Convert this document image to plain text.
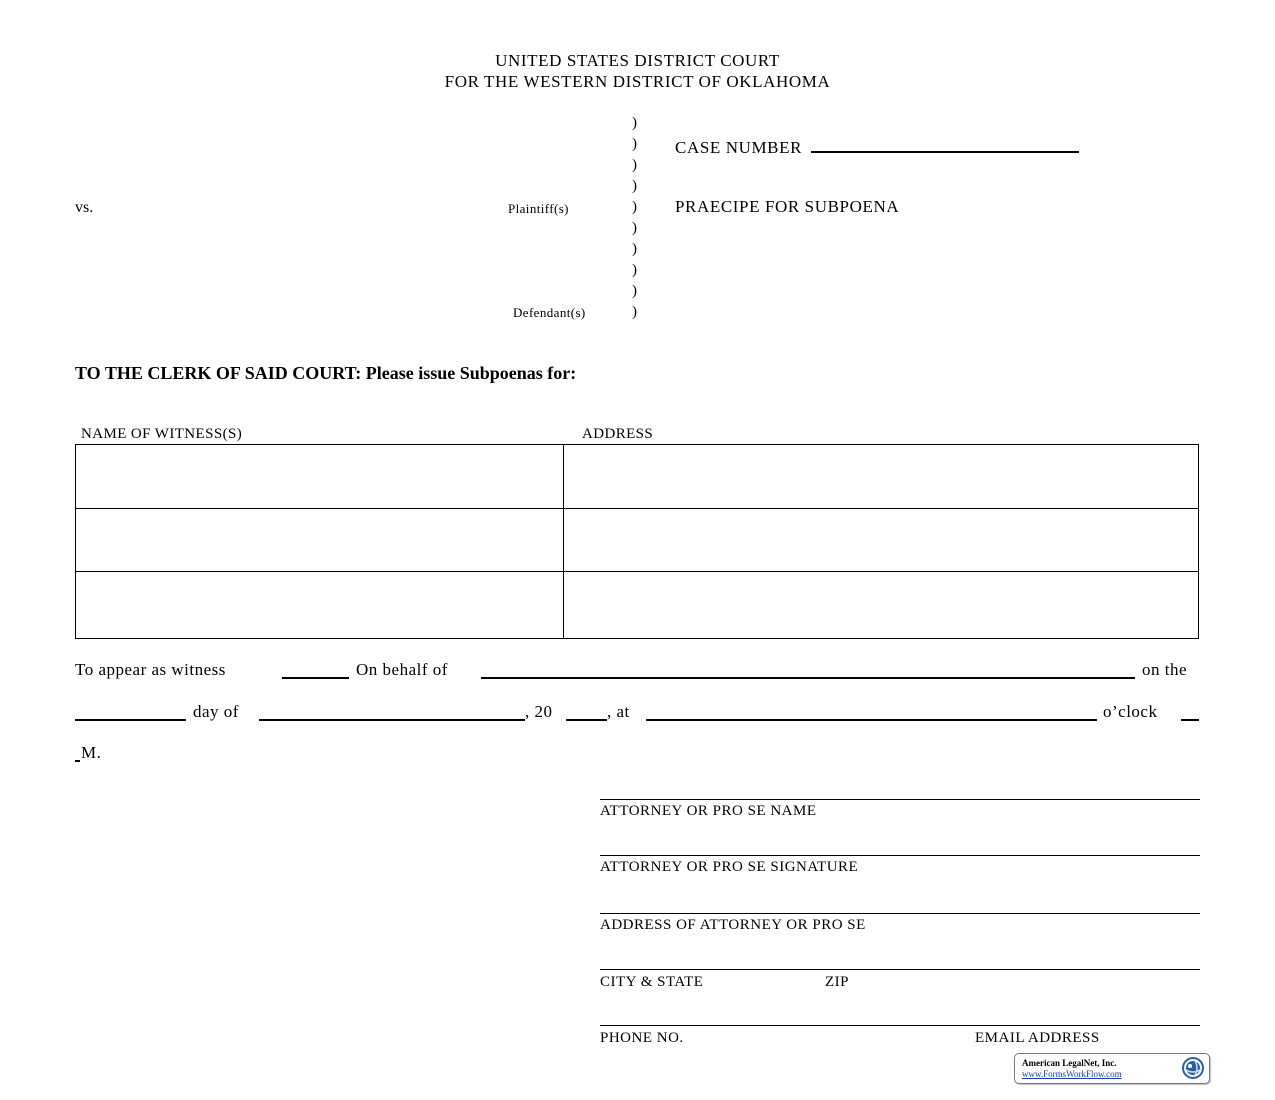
UNITED STATES DISTRICT COURT
FOR THE WESTERN DISTRICT OF OKLAHOMA
)
)
)
)
)
)
)
)
)
)
Plaintiff(s)
vs.
Defendant(s)
CASE NUMBER
PRAECIPE FOR SUBPOENA
TO THE CLERK OF SAID COURT: Please issue Subpoenas for:
NAME OF WITNESS(S)	ADDRESS

To appear as witness	On behalf of	on the
day of	, 20	, at	o’clock
M.
ATTORNEY OR PRO SE NAME
ATTORNEY OR PRO SE SIGNATURE
ADDRESS OF ATTORNEY OR PRO SE
CITY & STATE	ZIP
PHONE NO.	EMAIL ADDRESS
American LegalNet, Inc.
www.FormsWorkFlow.com
